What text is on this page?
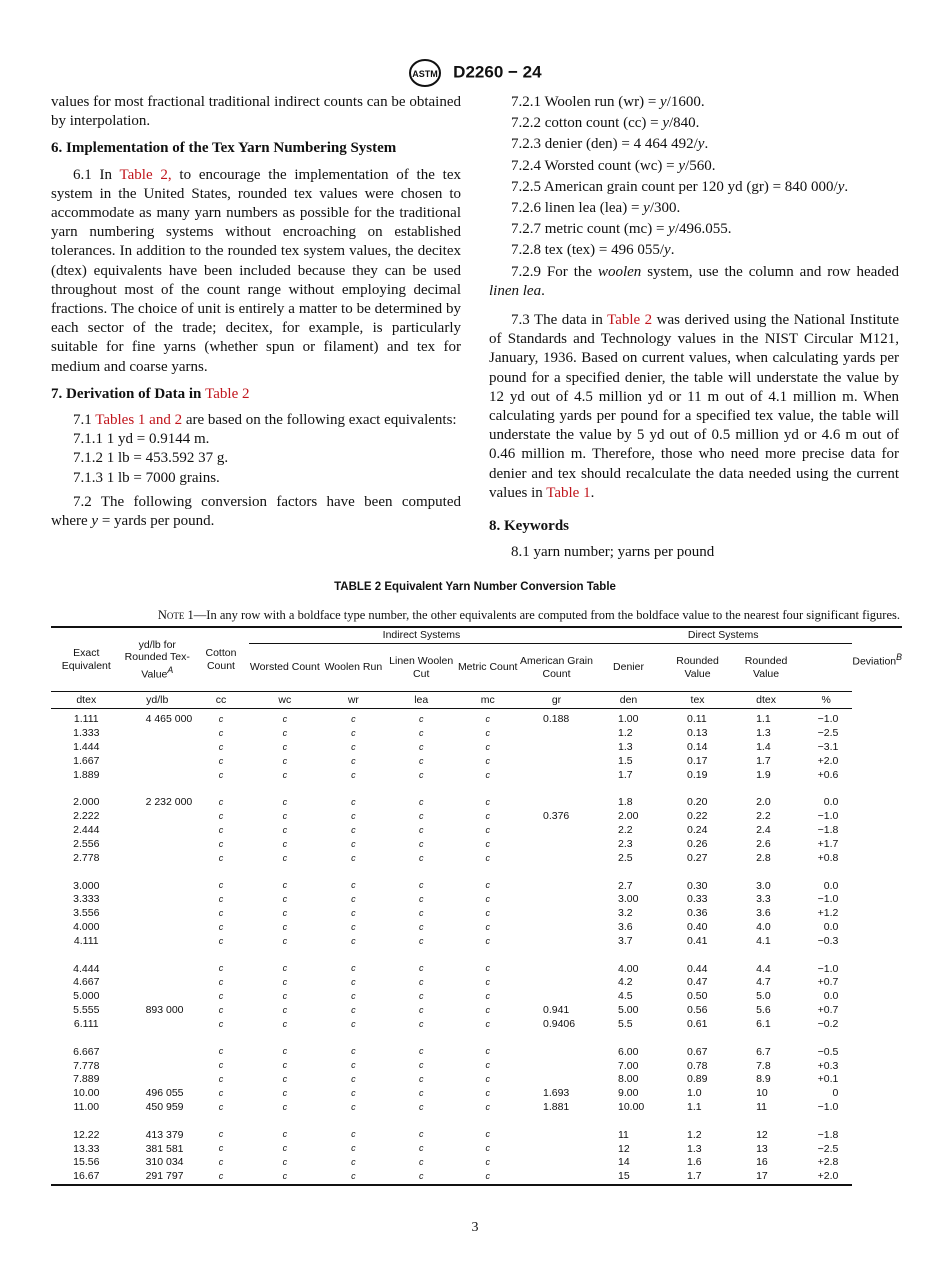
ASTM D2260 − 24

values for most fractional traditional indirect counts can be obtained by interpolation.

6. Implementation of the Tex Yarn Numbering System

6.1 In Table 2, to encourage the implementation of the tex system in the United States, rounded tex values were chosen to accommodate as many yarn numbers as possible for the traditional yarn numbering systems without encroaching on established tolerances. In addition to the rounded tex system values, the decitex (dtex) equivalents have been included because they can be used throughout most of the count range without employing decimal fractions. The choice of unit is entirely a matter to be determined by each sector of the trade; decitex, for example, is particularly suitable for fine yarns (whether spun or filament) and tex for medium and coarse yarns.

7. Derivation of Data in Table 2

7.1 Tables 1 and 2 are based on the following exact equivalents:

7.1.1 1 yd = 0.9144 m.

7.1.2 1 lb = 453.592 37 g.

7.1.3 1 lb = 7000 grains.

7.2 The following conversion factors have been computed where y = yards per pound.

7.2.1 Woolen run (wr) = y/1600.

7.2.2 cotton count (cc) = y/840.

7.2.3 denier (den) = 4 464 492/y.

7.2.4 Worsted count (wc) = y/560.

7.2.5 American grain count per 120 yd (gr) = 840 000/y.

7.2.6 linen lea (lea) = y/300.

7.2.7 metric count (mc) = y/496.055.

7.2.8 tex (tex) = 496 055/y.

7.2.9 For the woolen system, use the column and row headed linen lea.

7.3 The data in Table 2 was derived using the National Institute of Standards and Technology values in the NIST Circular M121, January, 1936. Based on current values, when calculating yards per pound for a specified denier, the table will understate the value by 12 yd out of 4.5 million yd or 11 m out of 4.1 million m. When calculating yards per pound for a specified tex value, the table will understate the value by 5 yd out of 0.5 million yd or 4.6 m out of 0.46 million m. Therefore, those who need more precise data for denier and tex should recalculate the data needed using the current values in Table 1.

8. Keywords

8.1 yarn number; yarns per pound

TABLE 2 Equivalent Yarn Number Conversion Table
Note 1—In any row with a boldface type number, the other equivalents are computed from the boldface value to the nearest four significant figures.
Exact Equivalent	yd/lb for Rounded Tex-Value$^A$	Cotton Count	Indirect Systems					Direct Systems				Deviation$^B$
			Worsted Count	Woolen Run	Linen Woolen Cut	Metric Count	American Grain Count	Denier	Rounded Value	Rounded Value		
dtex	yd/lb	cc	wc	wr	lea	mc	gr	den	tex	dtex	%	

1.111	4 465 000	c	c	c	c	c	0.188	1.00	0.11	1.1	−1.0	
1.333		c	c	c	c	c		1.2	0.13	1.3	−2.5	
1.444		c	c	c	c	c		1.3	0.14	1.4	−3.1	
1.667		c	c	c	c	c		1.5	0.17	1.7	+2.0	
1.889		c	c	c	c	c		1.7	0.19	1.9	+0.6	

2.000	2 232 000	c	c	c	c	c		1.8	0.20	2.0	0.0	
2.222		c	c	c	c	c	0.376	2.00	0.22	2.2	−1.0	
2.444		c	c	c	c	c		2.2	0.24	2.4	−1.8	
2.556		c	c	c	c	c		2.3	0.26	2.6	+1.7	
2.778		c	c	c	c	c		2.5	0.27	2.8	+0.8	

3.000		c	c	c	c	c		2.7	0.30	3.0	0.0	
3.333		c	c	c	c	c		3.00	0.33	3.3	−1.0	
3.556		c	c	c	c	c		3.2	0.36	3.6	+1.2	
4.000		c	c	c	c	c		3.6	0.40	4.0	0.0	
4.111		c	c	c	c	c		3.7	0.41	4.1	−0.3	

4.444		c	c	c	c	c		4.00	0.44	4.4	−1.0	
4.667		c	c	c	c	c		4.2	0.47	4.7	+0.7	
5.000		c	c	c	c	c		4.5	0.50	5.0	0.0	
5.555	893 000	c	c	c	c	c	0.941	5.00	0.56	5.6	+0.7	
6.111		c	c	c	c	c	0.9406	5.5	0.61	6.1	−0.2	

6.667		c	c	c	c	c		6.00	0.67	6.7	−0.5	
7.778		c	c	c	c	c		7.00	0.78	7.8	+0.3	
7.889		c	c	c	c	c		8.00	0.89	8.9	+0.1	
10.00	496 055	c	c	c	c	c	1.693	9.00	1.0	10	0	
11.00	450 959	c	c	c	c	c	1.881	10.00	1.1	11	−1.0	

12.22	413 379	c	c	c	c	c		11	1.2	12	−1.8	
13.33	381 581	c	c	c	c	c		12	1.3	13	−2.5	
15.56	310 034	c	c	c	c	c		14	1.6	16	+2.8	
16.67	291 797	c	c	c	c	c		15	1.7	17	+2.0	
3
